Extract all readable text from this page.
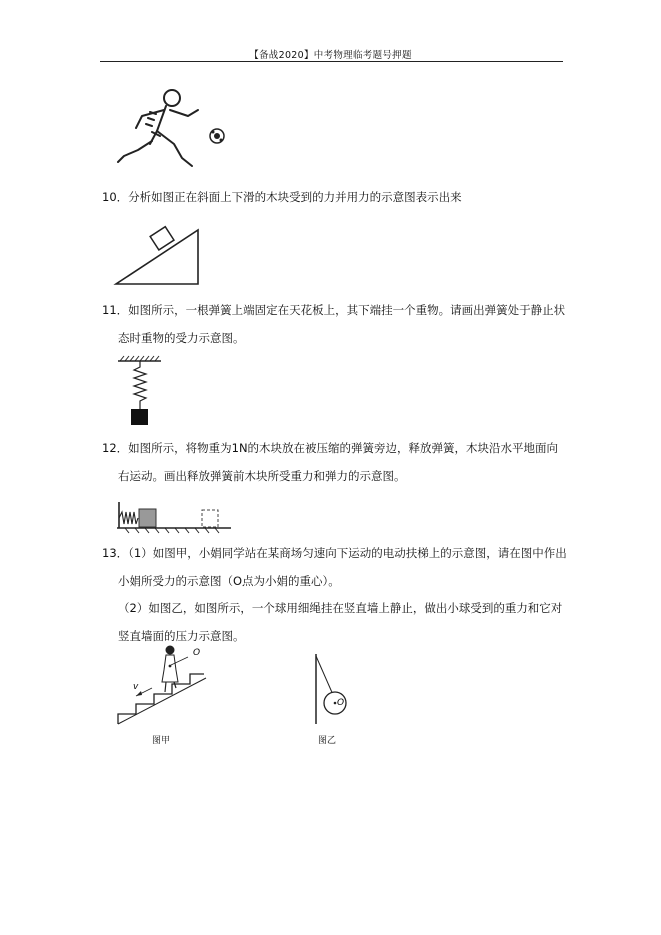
【备战2020】中考物理临考题号押题
10．分析如图正在斜面上下滑的木块受到的力并用力的示意图表示出来
11．如图所示，一根弹簧上端固定在天花板上，其下端挂一个重物。请画出弹簧处于静止状
态时重物的受力示意图。
12．如图所示，将物重为1N的木块放在被压缩的弹簧旁边，释放弹簧，木块沿水平地面向
右运动。画出释放弹簧前木块所受重力和弹力的示意图。
13．（1）如图甲，小娟同学站在某商场匀速向下运动的电动扶梯上的示意图，请在图中作出
小娟所受力的示意图（O点为小娟的重心）。
（2）如图乙，如图所示，一个球用细绳挂在竖直墙上静止，做出小球受到的重力和它对
竖直墙面的压力示意图。
O
v
图甲
O
图乙
